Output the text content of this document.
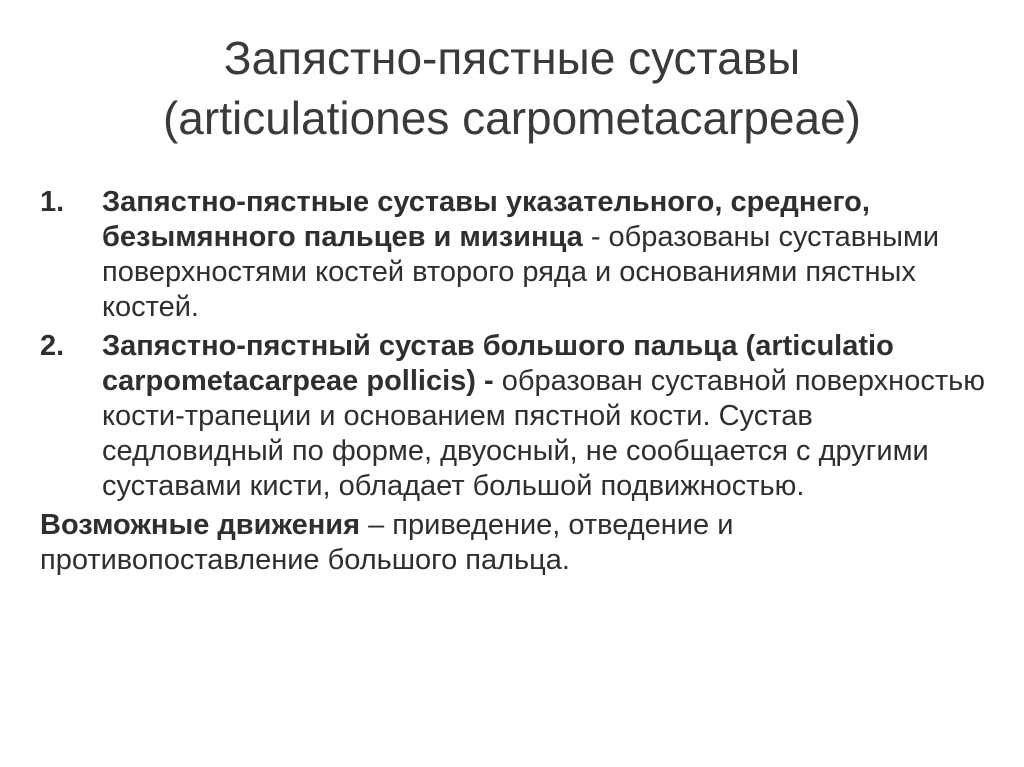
Запястно-пястные суставы
(articulationes carpometacarpeae)
1. Запястно-пястные суставы указательного, среднего, безымянного пальцев и мизинца - образованы суставными поверхностями костей второго ряда и основаниями пястных костей.
2. Запястно-пястный сустав большого пальца (articulatio carpometacarpeae pollicis) - образован суставной поверхностью кости-трапеции и основанием пястной кости. Сустав седловидный по форме, двуосный, не сообщается с другими суставами кисти, обладает большой подвижностью.
Возможные движения – приведение, отведение и противопоставление большого пальца.
